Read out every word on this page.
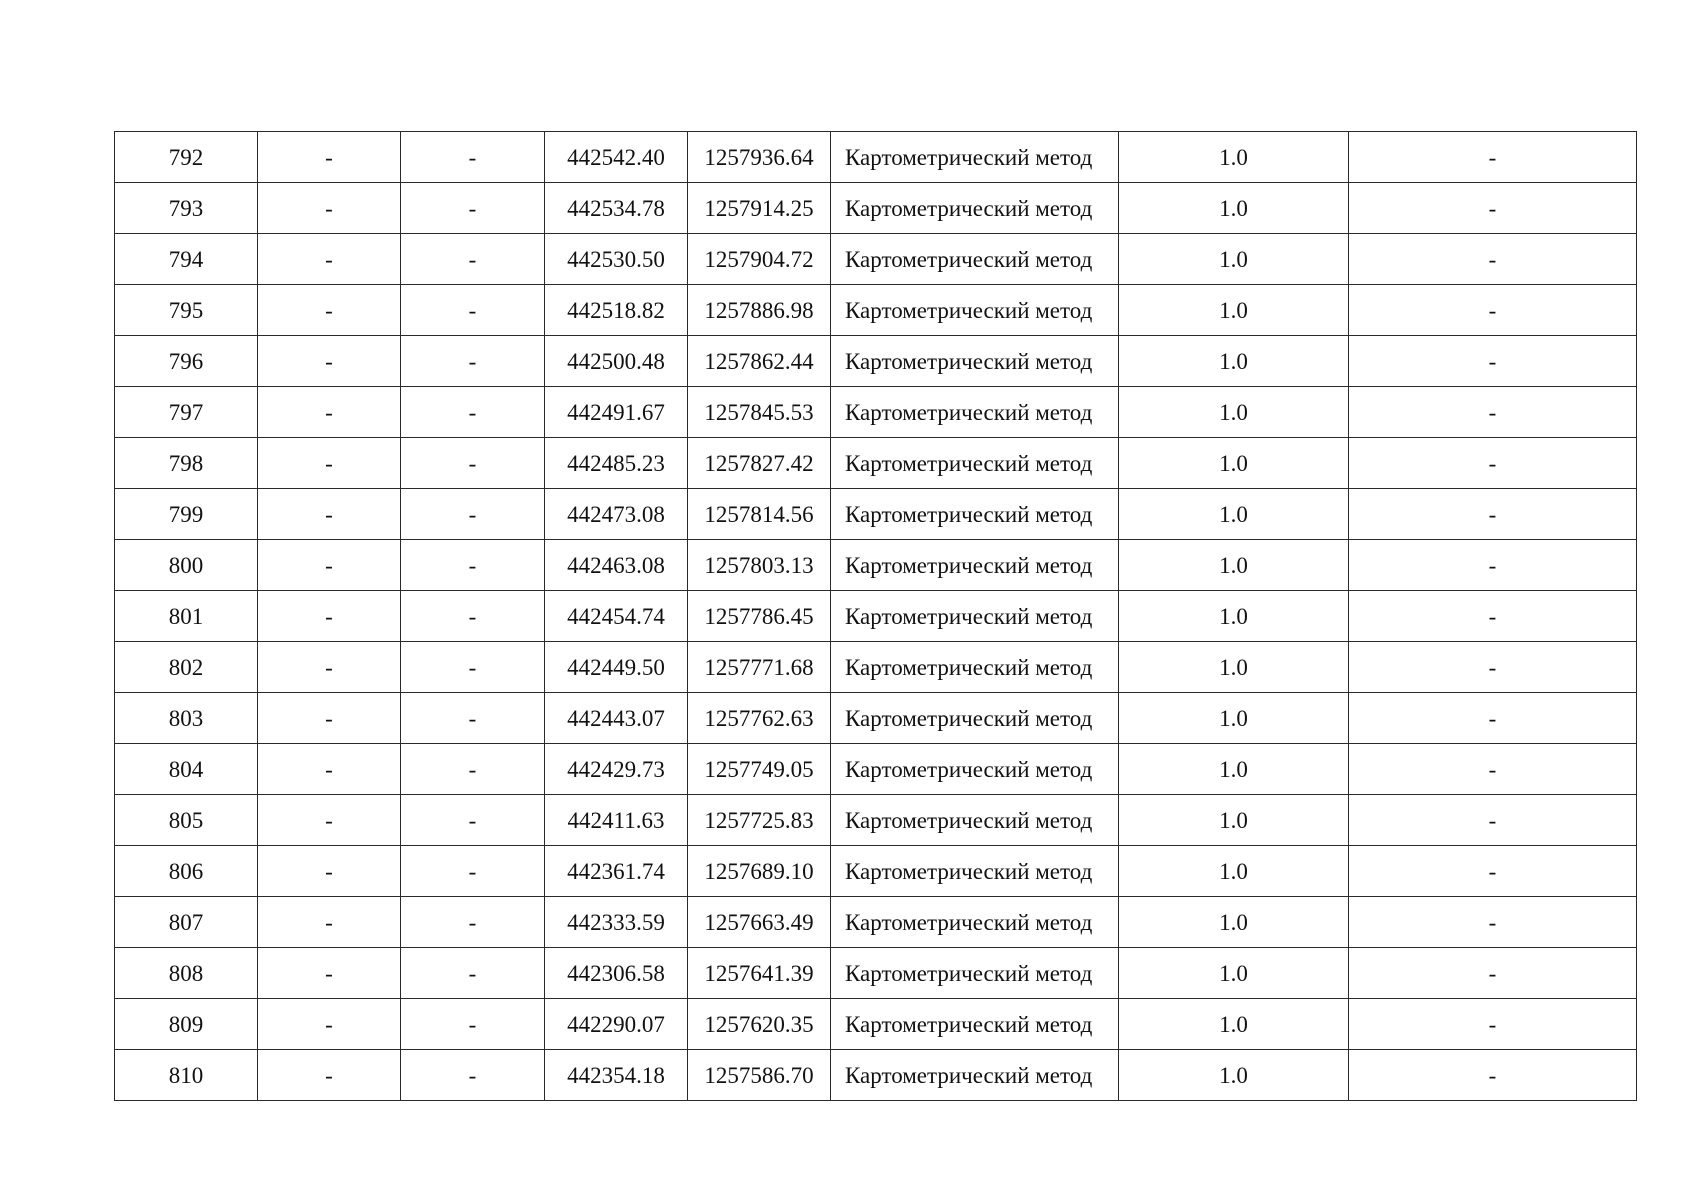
792	-	-	442542.40	1257936.64	Картометрический метод	1.0	-
793	-	-	442534.78	1257914.25	Картометрический метод	1.0	-
794	-	-	442530.50	1257904.72	Картометрический метод	1.0	-
795	-	-	442518.82	1257886.98	Картометрический метод	1.0	-
796	-	-	442500.48	1257862.44	Картометрический метод	1.0	-
797	-	-	442491.67	1257845.53	Картометрический метод	1.0	-
798	-	-	442485.23	1257827.42	Картометрический метод	1.0	-
799	-	-	442473.08	1257814.56	Картометрический метод	1.0	-
800	-	-	442463.08	1257803.13	Картометрический метод	1.0	-
801	-	-	442454.74	1257786.45	Картометрический метод	1.0	-
802	-	-	442449.50	1257771.68	Картометрический метод	1.0	-
803	-	-	442443.07	1257762.63	Картометрический метод	1.0	-
804	-	-	442429.73	1257749.05	Картометрический метод	1.0	-
805	-	-	442411.63	1257725.83	Картометрический метод	1.0	-
806	-	-	442361.74	1257689.10	Картометрический метод	1.0	-
807	-	-	442333.59	1257663.49	Картометрический метод	1.0	-
808	-	-	442306.58	1257641.39	Картометрический метод	1.0	-
809	-	-	442290.07	1257620.35	Картометрический метод	1.0	-
810	-	-	442354.18	1257586.70	Картометрический метод	1.0	-
